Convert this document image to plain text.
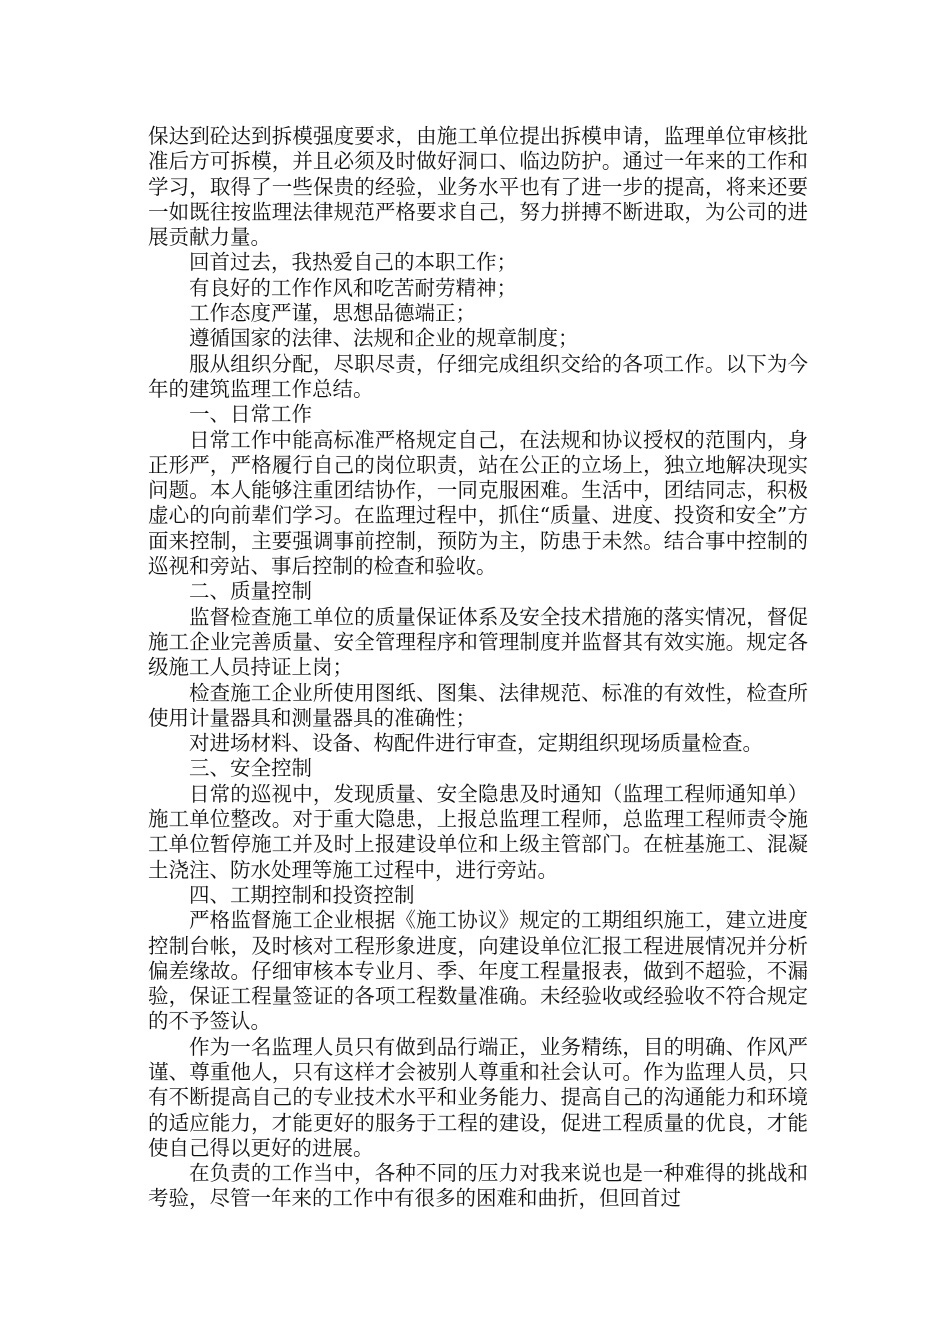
保达到砼达到拆模强度要求，由施工单位提出拆模申请，监理单位审核批准后方可拆模，并且必须及时做好洞口、临边防护。通过一年来的工作和学习，取得了一些保贵的经验，业务水平也有了进一步的提高，将来还要一如既往按监理法律规范严格要求自己，努力拼搏不断进取，为公司的进展贡献力量。

回首过去，我热爱自己的本职工作；

有良好的工作作风和吃苦耐劳精神；

工作态度严谨，思想品德端正；

遵循国家的法律、法规和企业的规章制度；

服从组织分配，尽职尽责，仔细完成组织交给的各项工作。以下为今年的建筑监理工作总结。

一、日常工作

日常工作中能高标准严格规定自己，在法规和协议授权的范围内，身正形严，严格履行自己的岗位职责，站在公正的立场上，独立地解决现实问题。本人能够注重团结协作，一同克服困难。生活中，团结同志，积极虚心的向前辈们学习。在监理过程中，抓住“质量、进度、投资和安全”方面来控制，主要强调事前控制，预防为主，防患于未然。结合事中控制的巡视和旁站、事后控制的检查和验收。

二、质量控制

监督检查施工单位的质量保证体系及安全技术措施的落实情况，督促施工企业完善质量、安全管理程序和管理制度并监督其有效实施。规定各级施工人员持证上岗；

检查施工企业所使用图纸、图集、法律规范、标准的有效性，检查所使用计量器具和测量器具的准确性；

对进场材料、设备、构配件进行审查，定期组织现场质量检查。

三、安全控制

日常的巡视中，发现质量、安全隐患及时通知（监理工程师通知单）施工单位整改。对于重大隐患，上报总监理工程师，总监理工程师责令施工单位暂停施工并及时上报建设单位和上级主管部门。在桩基施工、混凝土浇注、防水处理等施工过程中，进行旁站。

四、工期控制和投资控制

严格监督施工企业根据《施工协议》规定的工期组织施工，建立进度控制台帐，及时核对工程形象进度，向建设单位汇报工程进展情况并分析偏差缘故。仔细审核本专业月、季、年度工程量报表，做到不超验，不漏验，保证工程量签证的各项工程数量准确。未经验收或经验收不符合规定的不予签认。

作为一名监理人员只有做到品行端正，业务精练，目的明确、作风严谨、尊重他人，只有这样才会被别人尊重和社会认可。作为监理人员，只有不断提高自己的专业技术水平和业务能力、提高自己的沟通能力和环境的适应能力，才能更好的服务于工程的建设，促进工程质量的优良，才能使自己得以更好的进展。

在负责的工作当中，各种不同的压力对我来说也是一种难得的挑战和考验，尽管一年来的工作中有很多的困难和曲折，但回首过
